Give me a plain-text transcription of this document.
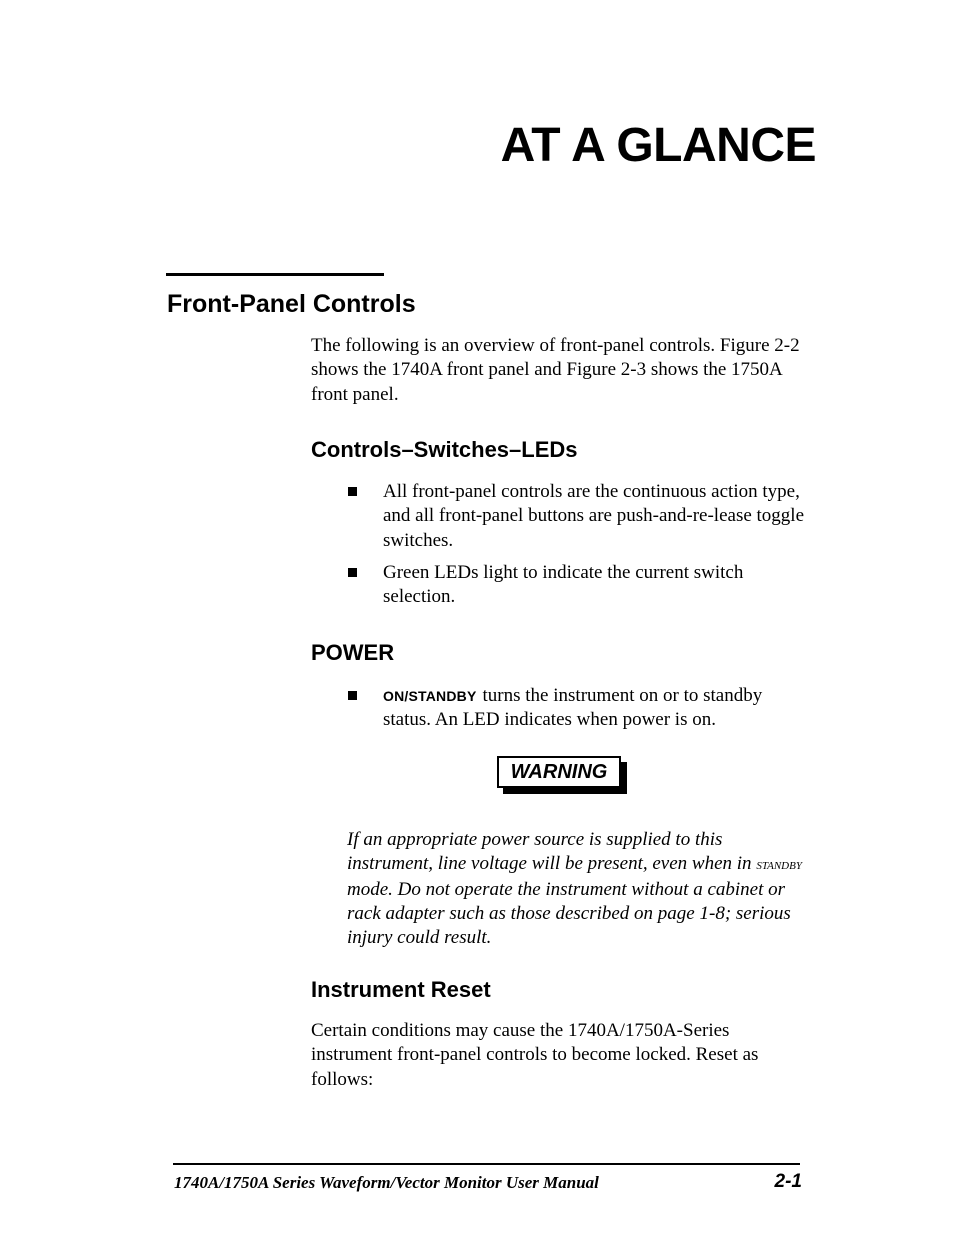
AT A GLANCE
Front-Panel Controls

The following is an overview of front-panel controls. Figure 2-2 shows the 1740A front panel and Figure 2-3 shows the 1750A front panel.

Controls–Switches–LEDs
All front-panel controls are the continuous action type, and all front-panel buttons are push-and-re-lease toggle switches.
Green LEDs light to indicate the current switch selection.
POWER
ON/STANDBY turns the instrument on or to standby status. An LED indicates when power is on.
WARNING

If an appropriate power source is supplied to this instrument, line voltage will be present, even when in standby mode. Do not operate the instrument without a cabinet or rack adapter such as those described on page 1-8; serious injury could result.

Instrument Reset

Certain conditions may cause the 1740A/1750A-Series instrument front-panel controls to become locked. Reset as follows:

1740A/1750A Series Waveform/Vector Monitor User Manual	2-1
